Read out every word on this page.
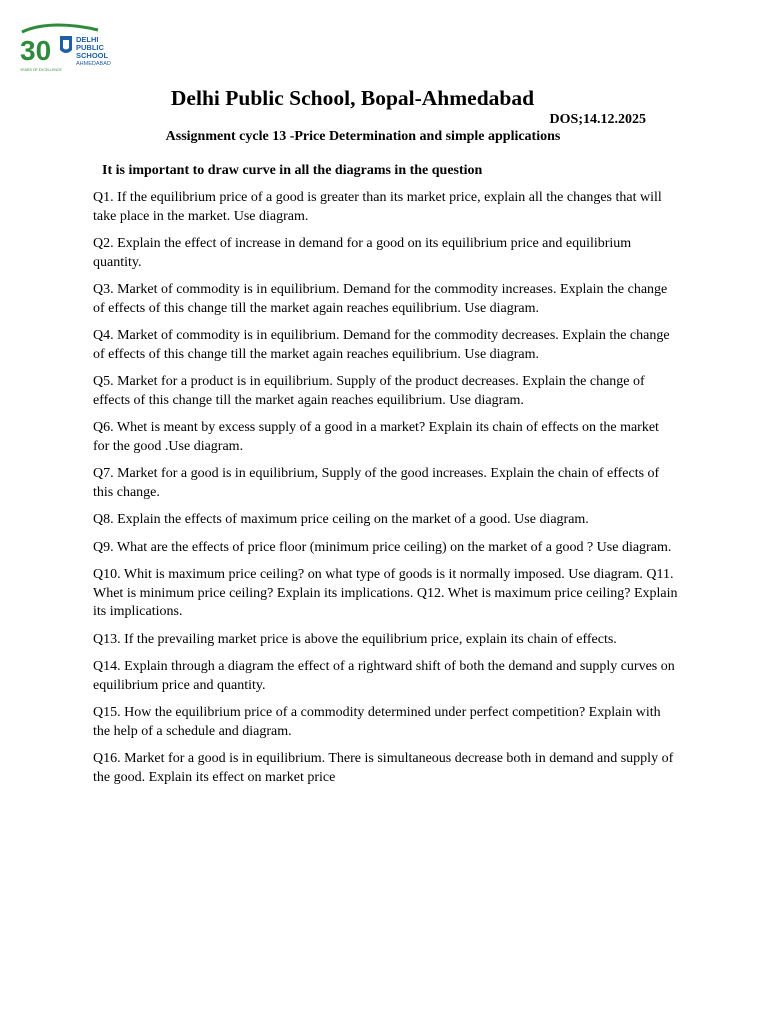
30	DELHI
PUBLIC
SCHOOL
AHMEDABAD
YEARS OF EXCELLENCE
Delhi Public School, Bopal-Ahmedabad
DOS;14.12.2025
Assignment cycle 13 -Price Determination and simple applications
It is important to draw curve in all the diagrams in the question

Q1. If the equilibrium price of a good is greater than its market price, explain all the changes that will take place in the market. Use diagram.

Q2. Explain the effect of increase in demand for a good on its equilibrium price and equilibrium quantity.

Q3. Market of commodity is in equilibrium. Demand for the commodity increases. Explain the change of effects of this change till the market again reaches equilibrium. Use diagram.

Q4. Market of commodity is in equilibrium. Demand for the commodity decreases. Explain the change of effects of this change till the market again reaches equilibrium. Use diagram.

Q5. Market for a product is in equilibrium. Supply of the product decreases. Explain the change of effects of this change till the market again reaches equilibrium. Use diagram.

Q6. Whet is meant by excess supply of a good in a market? Explain its chain of effects on the market for the good .Use diagram.

Q7. Market for a good is in equilibrium, Supply of the good increases. Explain the chain of effects of this change.

Q8. Explain the effects of maximum price ceiling on the market of a good. Use diagram.

Q9. What are the effects of price floor (minimum price ceiling) on the market of a good ? Use diagram.

Q10. Whit is maximum price ceiling? on what type of goods is it normally imposed. Use diagram. Q11. Whet is minimum price ceiling? Explain its implications. Q12. Whet is maximum price ceiling? Explain its implications.

Q13. If the prevailing market price is above the equilibrium price, explain its chain of effects.

Q14. Explain through a diagram the effect of a rightward shift of both the demand and supply curves on equilibrium price and quantity.

Q15. How the equilibrium price of a commodity determined under perfect competition? Explain with the help of a schedule and diagram.

Q16. Market for a good is in equilibrium. There is simultaneous decrease both in demand and supply of the good. Explain its effect on market price
